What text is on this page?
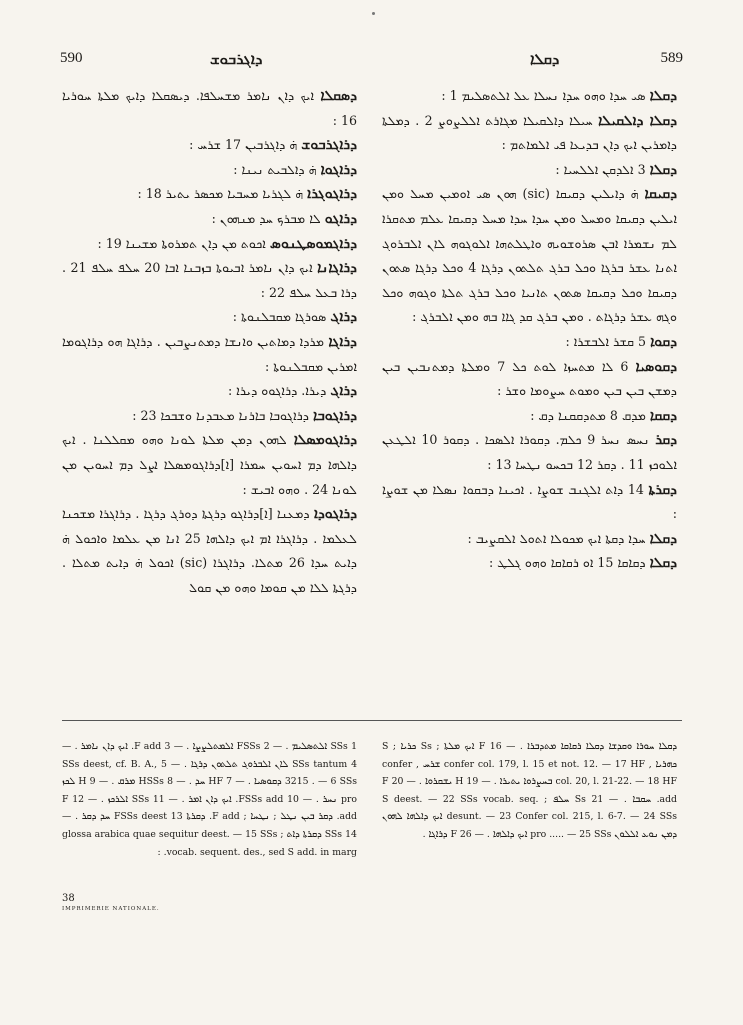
590	ܕܐܓܪܒܘܫ	ܕܩܠܐ	589

ܕܣܩܠܐ ܐܝܟ ܕܐܢ ܢܐܡܪ ܡܫܚܠܦܐ. ܕܝܣܩܠܐ ܕܐܝܟ ܡܠܬܐ ܚܘܪܝܐ 16 :

ܕܪܐܓܪܒܘܫ ܗ̇ ܕܐܓܪܒܝܢ 17 ܫܪܚ :

ܕܪܐܓܘܐ ܗ̇ ܕܐܠܒܝܬ ܢܝܢܐ :

ܕܪܐܓܘܓܪܐ ܗ̇ ܠܓܪܝܐ ܡܚܒܝܐ ܡܟܣܪ ܝܬܝܪ 18 :

ܕܪܐܓܘ ܠܐ ܡܒܪܟ ܚܕ ܡܢܗܘܢ :

ܕܪܐܓܡܘܣܛܢܘܣ ܐܟܘܬ ܡܢ ܕܐܢ ܬܡܪܘܬܐ ܡܫܝܢܐ 19 :

ܕܪܐܓܐܢܐ ܐܝܟ ܕܐܢ ܢܐܡܪ ܐܒܝܘܬܐ ܒܙܒܢܐ ܐܒܐ 20 ܚܠܦ ܚܠܦ 21 . ܕܪܐ ܒܥܠ ܚܠܦ 22 :

ܕܪܐܓ ܣܘܪܓܐ ܡܩܒܠܢܘܬܐ :

ܕܪܐܓܐ ܡܪܕܐ ܕܡܐܬܝܢ ܘܐܢܫܐ ܕܡܬܢܨܒܝܢ . ܕܪܐܓܐ ܗܘ ܕܪܐܓܘܡܐ ܐܡܪܝܢ ܡܩܒܠܢܘܬܐ :

ܕܪܐܓ ܕܝܪܐ. ܕܪܐܓܘܘ ܕܝܪܐ :

ܕܪܐܓܘܒܐ ܕܪܐܓܘܒܐ ܒܐܪܢܐ ܡܥܒܕܢܐ ܘܫܒܟܐ 23 :

ܕܪܐܓܘܡܣܠܐ ܠܗܘܢ ܕܡܢ ܡܠܬܐ ܠܘܢܐ ܘܗܘ ܡܩܠܠܢܐ . ܐܝܟ ܕܐܠܗܐ ܕܡ ܐܚܘܝܢ ܚܡܪܐ [ܐ]ܕܪܐܓܘܡܣܠܐ ܐܨܠ ܕܡ ܐܚܘܝܢ ܡܢ ܠܘܢܐ 24 . ܘܗܘ ܐܒܝܫ :

ܕܪܐܓܘܕܐ ܕܡܥܢܐ [ܐ]ܕܪܐܓܘ ܕܪܓܬܐ ܕܘܪܓ ܕܪܓܐ . ܕܪܐܓܪܐ ܡܫܟܢܐ ܠܥܠܡܐ . ܕܪܐܓܪܐ ܐܡ ܐܝܟ ܕܐܠܗܐ 25 ܐܢܐ ܡܢ ܥܠܡܐ ܘܐܟܘܠ ܗ̇ ܕܐܝܬ ܚܕܐ 26 ܡܬܠܐ. ܕܪܐܓܪܐ (sic) ܐܟܘܠ ܗ̇ ܕܐܝܬ ܡܬܠܐ . ܕܪܓܬܐ ܠܠܐ ܡܢ ܩܘܡܐ ܘܗܘ ܡܢ ܩܘܠ

ܕܩܠܐ ܣܝ ܚܕܐ ܘܗܘ ܚܕܐ ܢܚܠܐ ܥܠ ܐܠܬܣܠܝܡ 1 :

ܕܩܠܐ ܕܐܠܩܝܠܐ ܚܝܠܐ ܕܐܠܩܝܠܐ ܡܓܐܪܬ ܐܠܠܨܘܨ 2 . ܕܡܠܬܐ ܕܐܡܪܝܢ ܐܝܟ ܕܐܢ ܒܕܝܥܐ ܦܝ ܐܠܡܐܬܡ :

ܕܩܠܐ 3 ܐܠܕܩܢ ܐܠܠܚܝܐ :

ܕܩܝܩܐ ܗ̇ ܕܐܝܠܝܢ ܕܩܝܩܐ (sic) ܗܘܢ ܣܝ ܐܘܡܝܢ ܡܚܠ ܘܡܢ ܐܝܠܝܢ ܕܩܝܩܐ ܘܡܚܠ ܘܡܢ ܚܕܐ ܚܕܐ ܡܚܠ ܕܩܝܩܐ ܥܠܡ ܡܬܩܪܐ ܠܡ ܢܫܡܪܐ ܐܒܢ ܣܪܘܫܘܝܗ ܘܐܛܠܬܗܐ ܐܠܘܓܘܗ ܠܐܢ ܐܠܒܪܘܓ ܐܬܢܐ ܥܫܪ ܒܪܓܐ ܘܟܠ ܒܪܓ ܬܠܬܘܢ ܕܪܓܐ 4 ܘܟܠ ܕܪܓܐ ܣܬܘܢ ܕܩܝܩܐ ܘܟܠ ܕܩܝܩܐ ܣܬܘܢ ܬܐܢܝܐ ܘܟܠ ܒܪܓ ܬܠܬܐ ܘܓܘܗ ܘܟܠ ܘܓܗ ܥܫܪ ܕܪܓܐܬ . ܘܡܢ ܒܪܓ ܩܕ ܓܐܐ ܒܗ ܘܡܢ ܐܠܒܪܓ :

ܕܩܘܐ 5 ܩܫܪ ܐܠܒܫܪܐ :

ܕܩܘܣܝܐ 6 ܠܐ ܡܬܚܙܐ ܠܘܬ ܟܠ 7 ܘܡܠܬܐ ܕܡܬܢܒܝܢ ܒܝܢ ܕܡܫܢ ܒܝܢ ܒܝܢ ܘܡܘܬ ܚܨܘܡܐ ܘܫܪ :

ܕܩܩܐ ܡܕܩ 8 ܡܬܕܩܩܢܐ ܕܩ :

ܕܩܪ ܢܚܣ ܢܚܪ 9 ܟܠܡ. ܕܩܘܪܐ ܐܠܣܟܐ . ܕܩܘܪ 10 ܐܠܛܥܢ ܐܠܘܟܙ 11 . ܕܩܪ 12 ܒܟܚܘ ܢܛܚܐ 13 :

ܕܩܪܬܐ 14 ܕܐܬ ܐܠܓܢܒ ܫܘܨܐ . ܐܟܝܢܐ ܕܒܩܘܐ ܢܣܠܐ ܡܢ ܫܘܨܐ :

ܕܩܠܐ ܚܕܐ ܕܩܬܐ ܐܝܟ ܡܟܘܠܐ ܐܬܘܠ ܐܠܩܨܝܒ :

ܕܩܠܐ ܕܩܐܩܐ 15 ܐܘ ܪܩܐܩܐ ܘܗܘ ܓܠܛ :

1 SSs ܐܠܬܣܠܝܡ . — 2 FSSs ܐܠܡܬܠܨܨܐ . — 3 F add. ܐܝܟ ܕܐܢ ܢܐܡܪ . — 4 SSs tantum ܠܐܢ ܐܠܒܪܘܓ ܬܠܬܘܢ ܕܪܓܐ . — 5 SSs deest, cf. B. A., 3215 . — 6 SSs ܕܩܘܣܝܐ . — 7 HF ܚܕ . — 8 HSSs ܡܪܩ . — 9 H ܠܟܙ pro ܢܚܪ . — 10 FSSs add. ܐܝܟ ܕܐܢ ܐܡܪ . — 11 SSs ܐܠܪܟܙ . — 12 F add. ܕܩܪ ܒܝܢ ܢܛܠ ; ܢܛܚܐ ; F add. ܕܩܪܬܐ 13 FSSs deest ܚܕ ܕܩܪ . — 14 SSs ܕܩܪܬܐ ܕܐܬ ; glossa arabica quae sequitur deest. — 15 SSs vocab. sequent. des., sed S add. in marg. :
ܕܩܠܐ ܚܘܪܐ ܘܩܕܫܐ ܕܩܠܐ ܪܩܐܩܐ ܡܬܕܒܪܐ . — 16 F ܐܝܟ ܡܠܬܐ ; Ss ܟܪܝܐ ; S ܟܗܪܝܐ , confer col. 179, l. 15 et not. 12. — 17 HF ܫܪܚ , confer col. 20, l. 21-22. — 18 HF ܒܚܨܪܘܐ ܝܬܝܪܐ . — 19 H ܝܫܩܪܘܐ . — 20 F add. ܚܩܒܐ . — 21 Ss ܚܠܦ ; S deest. — 22 SSs vocab. seq. desunt. — 23 Confer col. 215, l. 6-7. — 24 SSs ܐܝܟ ܕܐܠܗܐ ܠܗܘܢ ܕܡܢ ܢܘܥ ܐܠܠܘܢ pro ..... — 25 SSs ܐܝܟ ܕܐܠܗܐ . — 26 F ܕܪܐܓܐ .
38
IMPRIMERIE NATIONALE.
